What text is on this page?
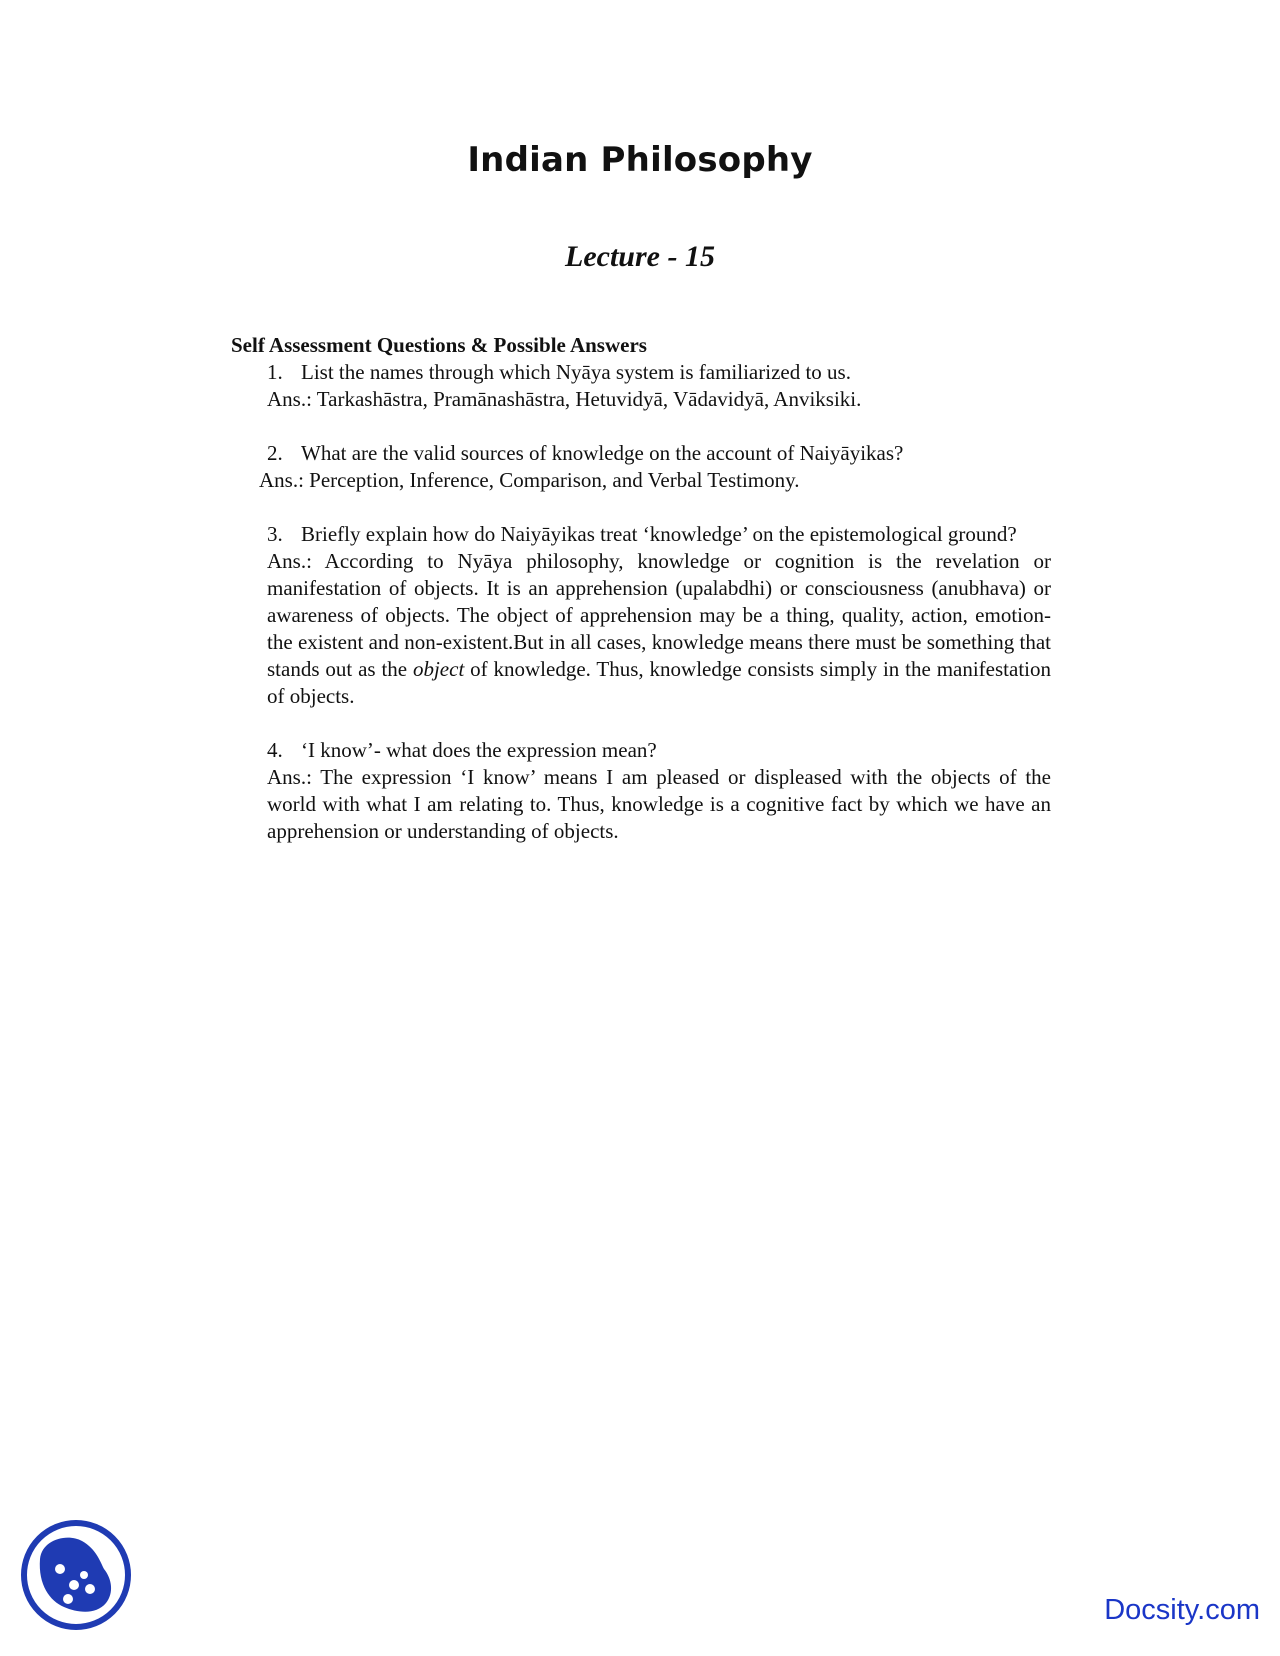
Indian Philosophy
Lecture - 15

Self Assessment Questions & Possible Answers

1. List the names through which Nyāya system is familiarized to us.

Ans.: Tarkashāstra, Pramānashāstra, Hetuvidyā, Vādavidyā, Anviksiki.

2. What are the valid sources of knowledge on the account of Naiyāyikas?

Ans.: Perception, Inference, Comparison, and Verbal Testimony.

3. Briefly explain how do Naiyāyikas treat ‘knowledge’ on the epistemological ground?

Ans.: According to Nyāya philosophy, knowledge or cognition is the revelation or manifestation of objects. It is an apprehension (upalabdhi) or consciousness (anubhava) or awareness of objects. The object of apprehension may be a thing, quality, action, emotion- the existent and non-existent.But in all cases, knowledge means there must be something that stands out as the object of knowledge. Thus, knowledge consists simply in the manifestation of objects.

4. ‘I know’- what does the expression mean?

Ans.: The expression ‘I know’ means I am pleased or displeased with the objects of the world with what I am relating to. Thus, knowledge is a cognitive fact by which we have an apprehension or understanding of objects.

Docsity.com
